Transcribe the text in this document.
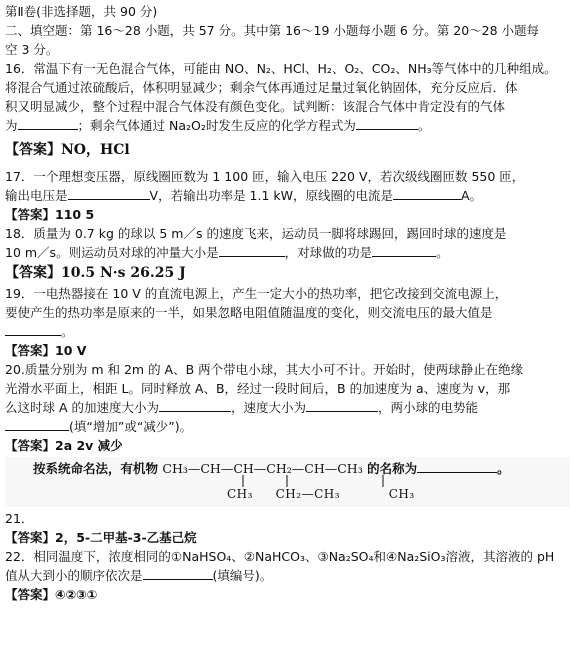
第Ⅱ卷(非选择题，共 90 分)
二、填空题：第 16～28 小题，共 57 分。其中第 16～19 小题每小题 6 分。第 20～28 小题每
空 3 分。
16．常温下有一无色混合气体，可能由 NO、N₂、HCl、H₂、O₂、CO₂、NH₃等气体中的几种组成。
将混合气通过浓硫酸后，体积明显减少；剩余气体再通过足量过氧化钠固体，充分反应后．体
积又明显减少，整个过程中混合气体没有颜色变化。试判断：该混合气体中肯定没有的气体
为	；剩余气体通过 Na₂O₂时发生反应的化学方程式为	。
【答案】NO，HCl
17．一个理想变压器，原线圈匝数为 1 100 匝，输入电压 220 V，若次级线圈匝数 550 匝，
输出电压是	V，若输出功率是 1.1 kW，原线圈的电流是	A。
【答案】110 5
18．质量为 0.7 kg 的球以 5 m／s 的速度飞来，运动员一脚将球踢回，踢回时球的速度是
10 m／s。则运动员对球的冲量大小是	，对球做的功是	。
【答案】10.5 N·s 26.25 J
19．一电热器接在 10 V 的直流电源上，产生一定大小的热功率，把它改接到交流电源上，
要使产生的热功率是原来的一半，如果忽略电阻值随温度的变化，则交流电压的最大值是
。
【答案】10 V
20.质量分别为 m 和 2m 的 A、B 两个带电小球，其大小可不计。开始时，使两球静止在绝缘
光滑水平面上，相距 L。同时释放 A、B，经过一段时间后，B 的加速度为 a、速度为 v，那
么这时球 A 的加速度大小为	，速度大小为	，两小球的电势能
(填“增加”或“减少”)。
【答案】2a 2v 减少
按系统命名法，有机物 CH₃—CH—CH—CH₂—CH—CH₃ 的名称为	。
CH₃ CH₂—CH₃	CH₃
21．
【答案】2，5-二甲基-3-乙基己烷
22．相同温度下，浓度相同的①NaHSO₄、②NaHCO₃、③Na₂SO₄和④Na₂SiO₃溶液，其溶液的 pH
值从大到小的顺序依次是	(填编号)。
【答案】④②③①
